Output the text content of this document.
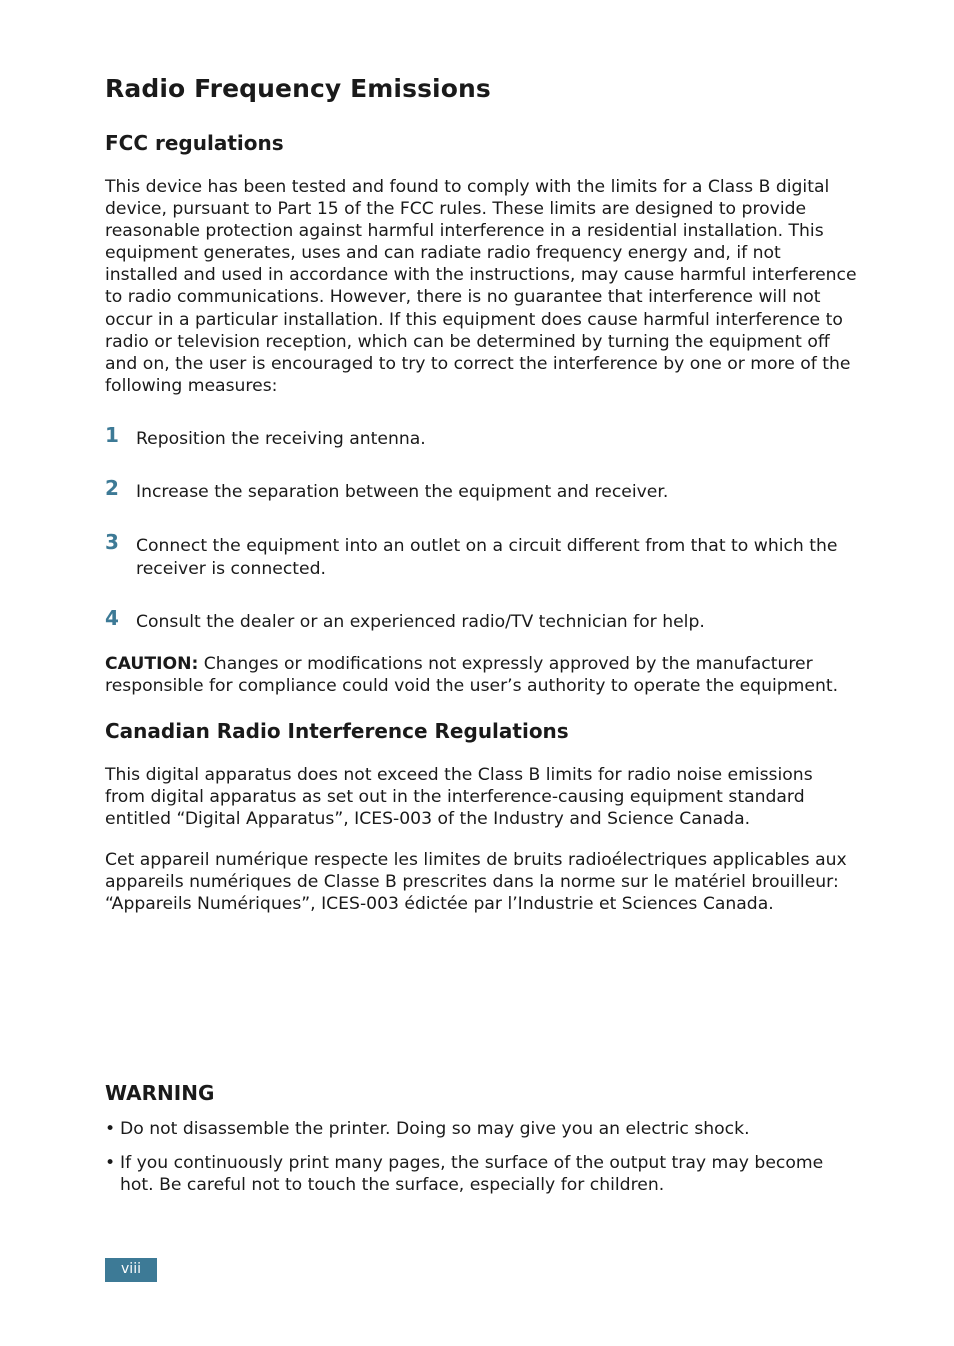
Radio Frequency Emissions
FCC regulations

This device has been tested and found to comply with the limits for a Class B digital device, pursuant to Part 15 of the FCC rules. These limits are designed to provide reasonable protection against harmful interference in a residential installation. This equipment generates, uses and can radiate radio frequency energy and, if not installed and used in accordance with the instructions, may cause harmful interference to radio communications. However, there is no guarantee that interference will not occur in a particular installation. If this equipment does cause harmful interference to radio or television reception, which can be determined by turning the equipment off and on, the user is encouraged to try to correct the interference by one or more of the following measures:

1 Reposition the receiving antenna.

2 Increase the separation between the equipment and receiver.

3 Connect the equipment into an outlet on a circuit different from that to which the receiver is connected.

4 Consult the dealer or an experienced radio/TV technician for help.

CAUTION: Changes or modifications not expressly approved by the manufacturer responsible for compliance could void the user’s authority to operate the equipment.

Canadian Radio Interference Regulations

This digital apparatus does not exceed the Class B limits for radio noise emissions from digital apparatus as set out in the interference-causing equipment standard entitled “Digital Apparatus”, ICES-003 of the Industry and Science Canada.

Cet appareil numérique respecte les limites de bruits radioélectriques applicables aux appareils numériques de Classe B prescrites dans la norme sur le matériel brouilleur: “Appareils Numériques”, ICES-003 édictée par l’Industrie et Sciences Canada.

WARNING
• Do not disassemble the printer. Doing so may give you an electric shock.
• If you continuously print many pages, the surface of the output tray may become hot. Be careful not to touch the surface, especially for children.
viii
